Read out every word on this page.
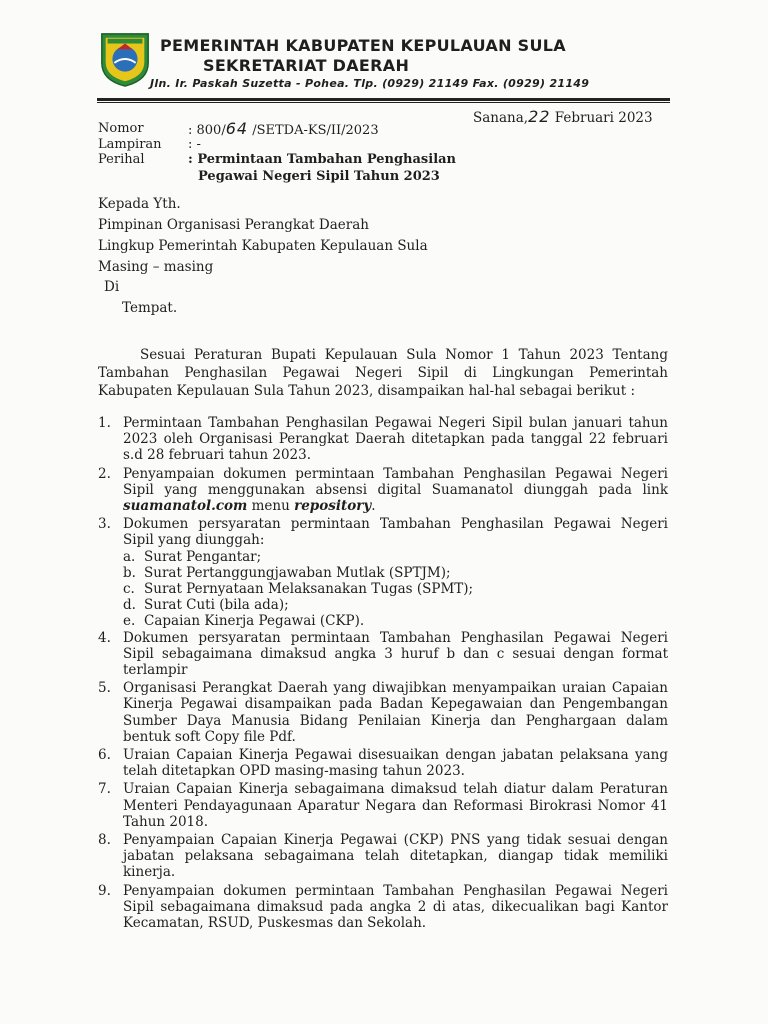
PEMERINTAH KABUPATEN KEPULAUAN SULA
SEKRETARIAT DAERAH
Jln. Ir. Paskah Suzetta - Pohea. Tlp. (0929) 21149 Fax. (0929) 21149
Sanana,22 Februari 2023
Nomor	: 800/64 /SETDA-KS/II/2023
Lampiran : -
Perihal	: Permintaan Tambahan Penghasilan
Pegawai Negeri Sipil Tahun 2023
Kepada Yth.
Pimpinan Organisasi Perangkat Daerah
Lingkup Pemerintah Kabupaten Kepulauan Sula
Masing – masing
Di
Tempat.
Sesuai Peraturan Bupati Kepulauan Sula Nomor 1 Tahun 2023 Tentang Tambahan Penghasilan Pegawai Negeri Sipil di Lingkungan Pemerintah Kabupaten Kepulauan Sula Tahun 2023, disampaikan hal-hal sebagai berikut :
1. Permintaan Tambahan Penghasilan Pegawai Negeri Sipil bulan januari tahun 2023 oleh Organisasi Perangkat Daerah ditetapkan pada tanggal 22 februari s.d 28 februari tahun 2023.
2. Penyampaian dokumen permintaan Tambahan Penghasilan Pegawai Negeri Sipil yang menggunakan absensi digital Suamanatol diunggah pada link suamanatol.com menu repository.
3. Dokumen persyaratan permintaan Tambahan Penghasilan Pegawai Negeri Sipil yang diunggah:
a. Surat Pengantar;
b. Surat Pertanggungjawaban Mutlak (SPTJM);
c. Surat Pernyataan Melaksanakan Tugas (SPMT);
d. Surat Cuti (bila ada);
e. Capaian Kinerja Pegawai (CKP).
4. Dokumen persyaratan permintaan Tambahan Penghasilan Pegawai Negeri Sipil sebagaimana dimaksud angka 3 huruf b dan c sesuai dengan format terlampir
5. Organisasi Perangkat Daerah yang diwajibkan menyampaikan uraian Capaian Kinerja Pegawai disampaikan pada Badan Kepegawaian dan Pengembangan Sumber Daya Manusia Bidang Penilaian Kinerja dan Penghargaan dalam bentuk soft Copy file Pdf.
6. Uraian Capaian Kinerja Pegawai disesuaikan dengan jabatan pelaksana yang telah ditetapkan OPD masing-masing tahun 2023.
7. Uraian Capaian Kinerja sebagaimana dimaksud telah diatur dalam Peraturan Menteri Pendayagunaan Aparatur Negara dan Reformasi Birokrasi Nomor 41 Tahun 2018.
8. Penyampaian Capaian Kinerja Pegawai (CKP) PNS yang tidak sesuai dengan jabatan pelaksana sebagaimana telah ditetapkan, diangap tidak memiliki kinerja.
9. Penyampaian dokumen permintaan Tambahan Penghasilan Pegawai Negeri Sipil sebagaimana dimaksud pada angka 2 di atas, dikecualikan bagi Kantor Kecamatan, RSUD, Puskesmas dan Sekolah.
